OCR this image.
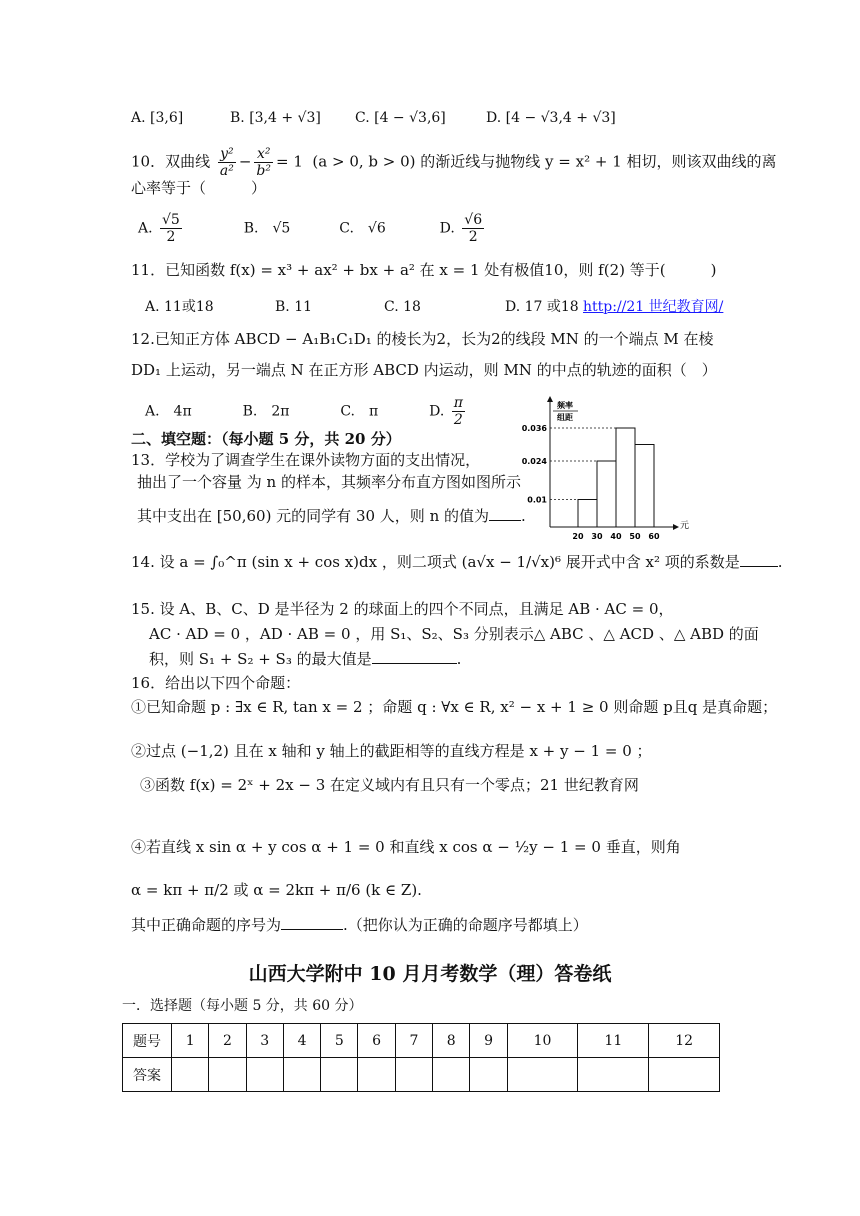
A. [3,6]	B. [3,4 + √3] C. [4 − √3,6]	D. [4 − √3,4 + √3]
10．双曲线 $\frac{\text{y²}}{\text{a²}} - \frac{\text{x²}}{\text{b²}} = 1$  (a > 0, b > 0) 的渐近线与抛物线 y = x² + 1 相切，则该双曲线的离
心率等于（　　　）
A. $\frac{√5}{2}$	B.　√5	C.　√6	D. $\frac{√6}{2}$
11．已知函数 f(x) = x³ + ax² + bx + a² 在 x = 1 处有极值10，则 f(2) 等于(　　　)
A. 11或18	B. 11	C. 18	D. 17 或18 http://21 世纪教育网/
12.已知正方体 ABCD − A₁B₁C₁D₁ 的棱长为2，长为2的线段 MN 的一个端点 M 在棱
DD₁ 上运动，另一端点 N 在正方形 ABCD 内运动，则 MN 的中点的轨迹的面积（　）
A.　4π	B.　2π	C.　π	D. $\frac{\pi}{2}$
二、填空题：（每小题 5 分，共 20 分）
13．学校为了调查学生在课外读物方面的支出情况，
抽出了一个容量 为 n 的样本，其频率分布直方图如图所示
其中支出在 [50,60) 元的同学有 30 人，则 n 的值为 .
频率
组距
0.01
0.024
0.036
20 30 40 50 60
元
14. 设 a = ∫₀^π (sin x + cos x)dx ，则二项式 (a√x − 1/√x)⁶ 展开式中含 x² 项的系数是	.
15. 设 A、B、C、D 是半径为 2 的球面上的四个不同点，且满足 AB · AC = 0，
AC · AD = 0 ，AD · AB = 0 ，用 S₁、S₂、S₃ 分别表示△ ABC 、△ ACD 、△ ABD 的面
积，则 S₁ + S₂ + S₃ 的最大值是	.
16．给出以下四个命题：
①已知命题 p : ∃x ∈ R, tan x = 2 ；命题 q : ∀x ∈ R, x² − x + 1 ≥ 0 则命题 p且q 是真命题；
②过点 (−1,2) 且在 x 轴和 y 轴上的截距相等的直线方程是 x + y − 1 = 0 ；
③函数 f(x) = 2ˣ + 2x − 3 在定义域内有且只有一个零点；21 世纪教育网
④若直线 x sin α + y cos α + 1 = 0 和直线 x cos α − ½y − 1 = 0 垂直，则角
α = kπ + π/2 或 α = 2kπ + π/6 (k ∈ Z).
其中正确命题的序号为	.（把你认为正确的命题序号都填上）
山西大学附中 10 月月考数学（理）答卷纸
一．选择题（每小题 5 分，共 60 分）
题号	1	2	3	4	5	6	7	8	9	10	11	12
答案												
